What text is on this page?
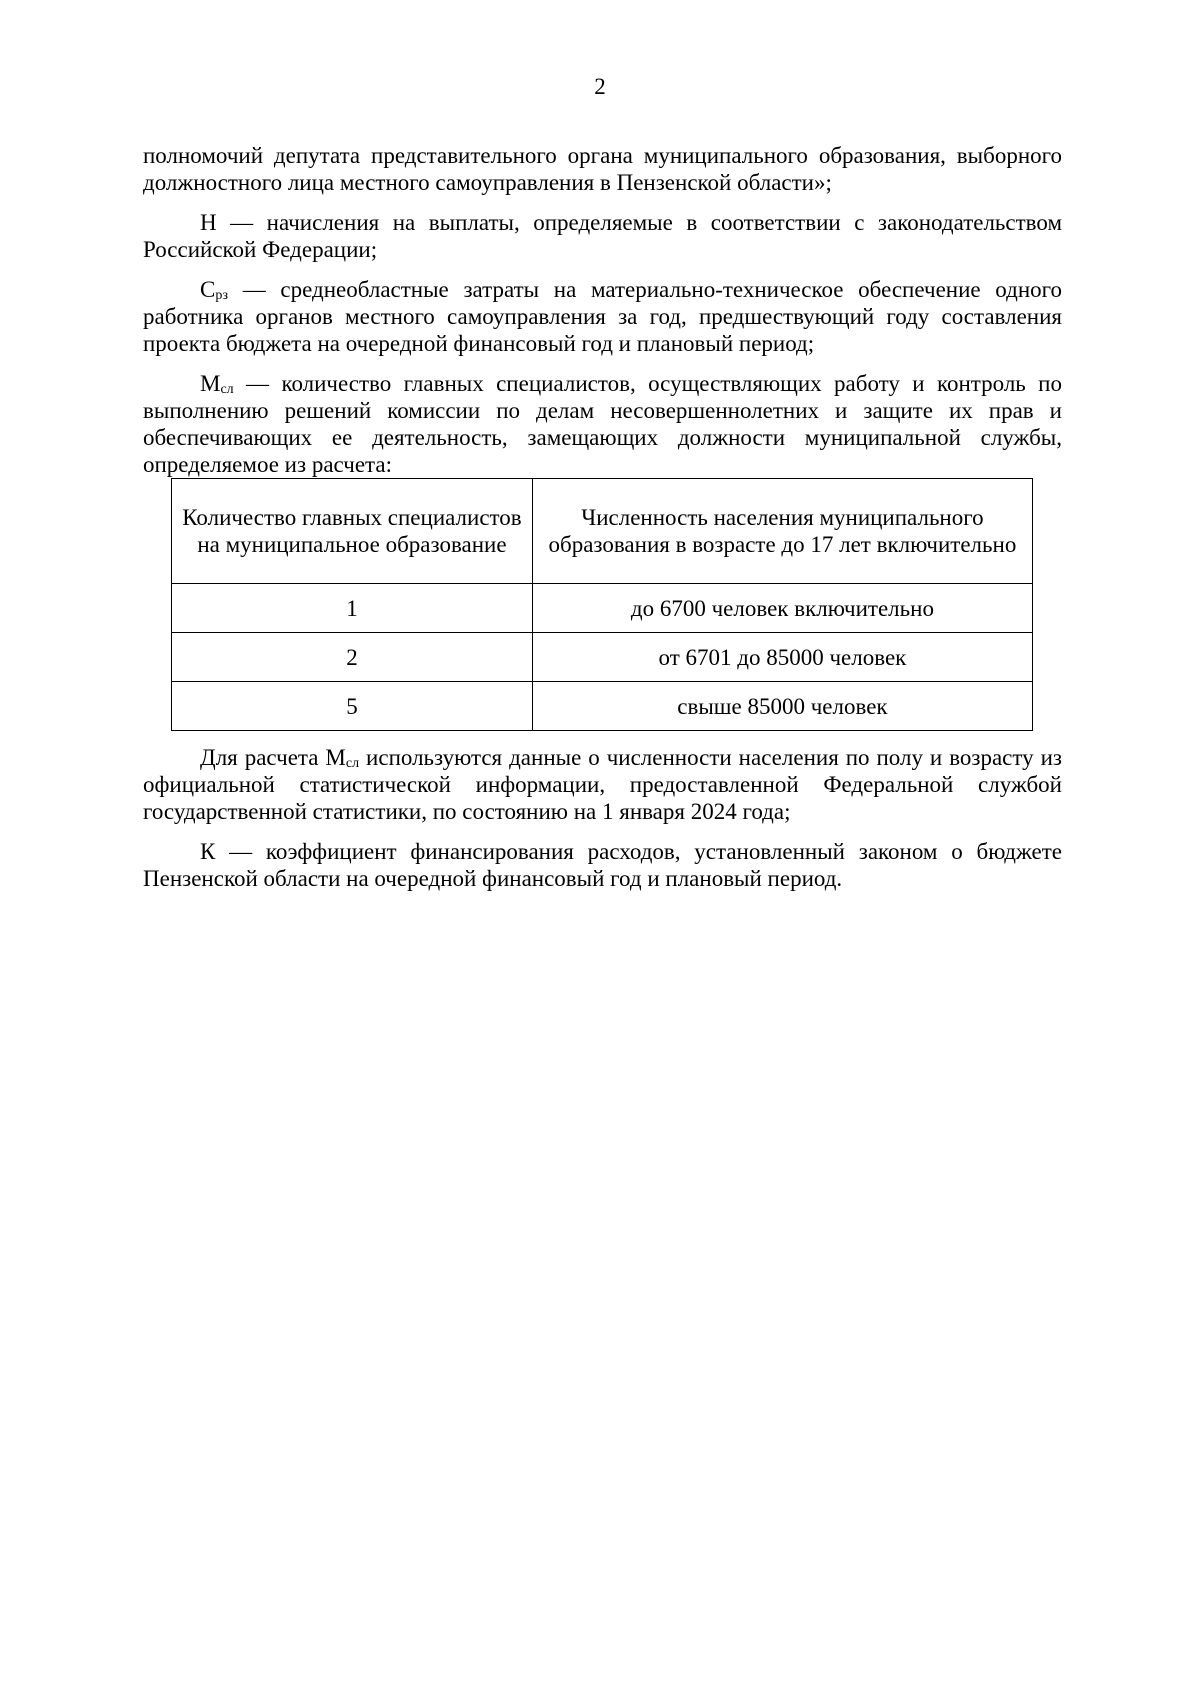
2

полномочий депутата представительного органа муниципального образования, выборного должностного лица местного самоуправления в Пензенской области»;

Н — начисления на выплаты, определяемые в соответствии с законодательством Российской Федерации;

Срз — среднеобластные затраты на материально-техническое обеспечение одного работника органов местного самоуправления за год, предшествующий году составления проекта бюджета на очередной финансовый год и плановый период;

Мсл — количество главных специалистов, осуществляющих работу и контроль по выполнению решений комиссии по делам несовершеннолетних и защите их прав и обеспечивающих ее деятельность, замещающих должности муниципальной службы, определяемое из расчета:

Количество главных специалистов на муниципальное образование	Численность населения муниципального образования в возрасте до 17 лет включительно
1	до 6700 человек включительно
2	от 6701 до 85000 человек
5	свыше 85000 человек

Для расчета Мсл используются данные о численности населения по полу и возрасту из официальной статистической информации, предоставленной Федеральной службой государственной статистики, по состоянию на 1 января 2024 года;

К — коэффициент финансирования расходов, установленный законом о бюджете Пензенской области на очередной финансовый год и плановый период.
